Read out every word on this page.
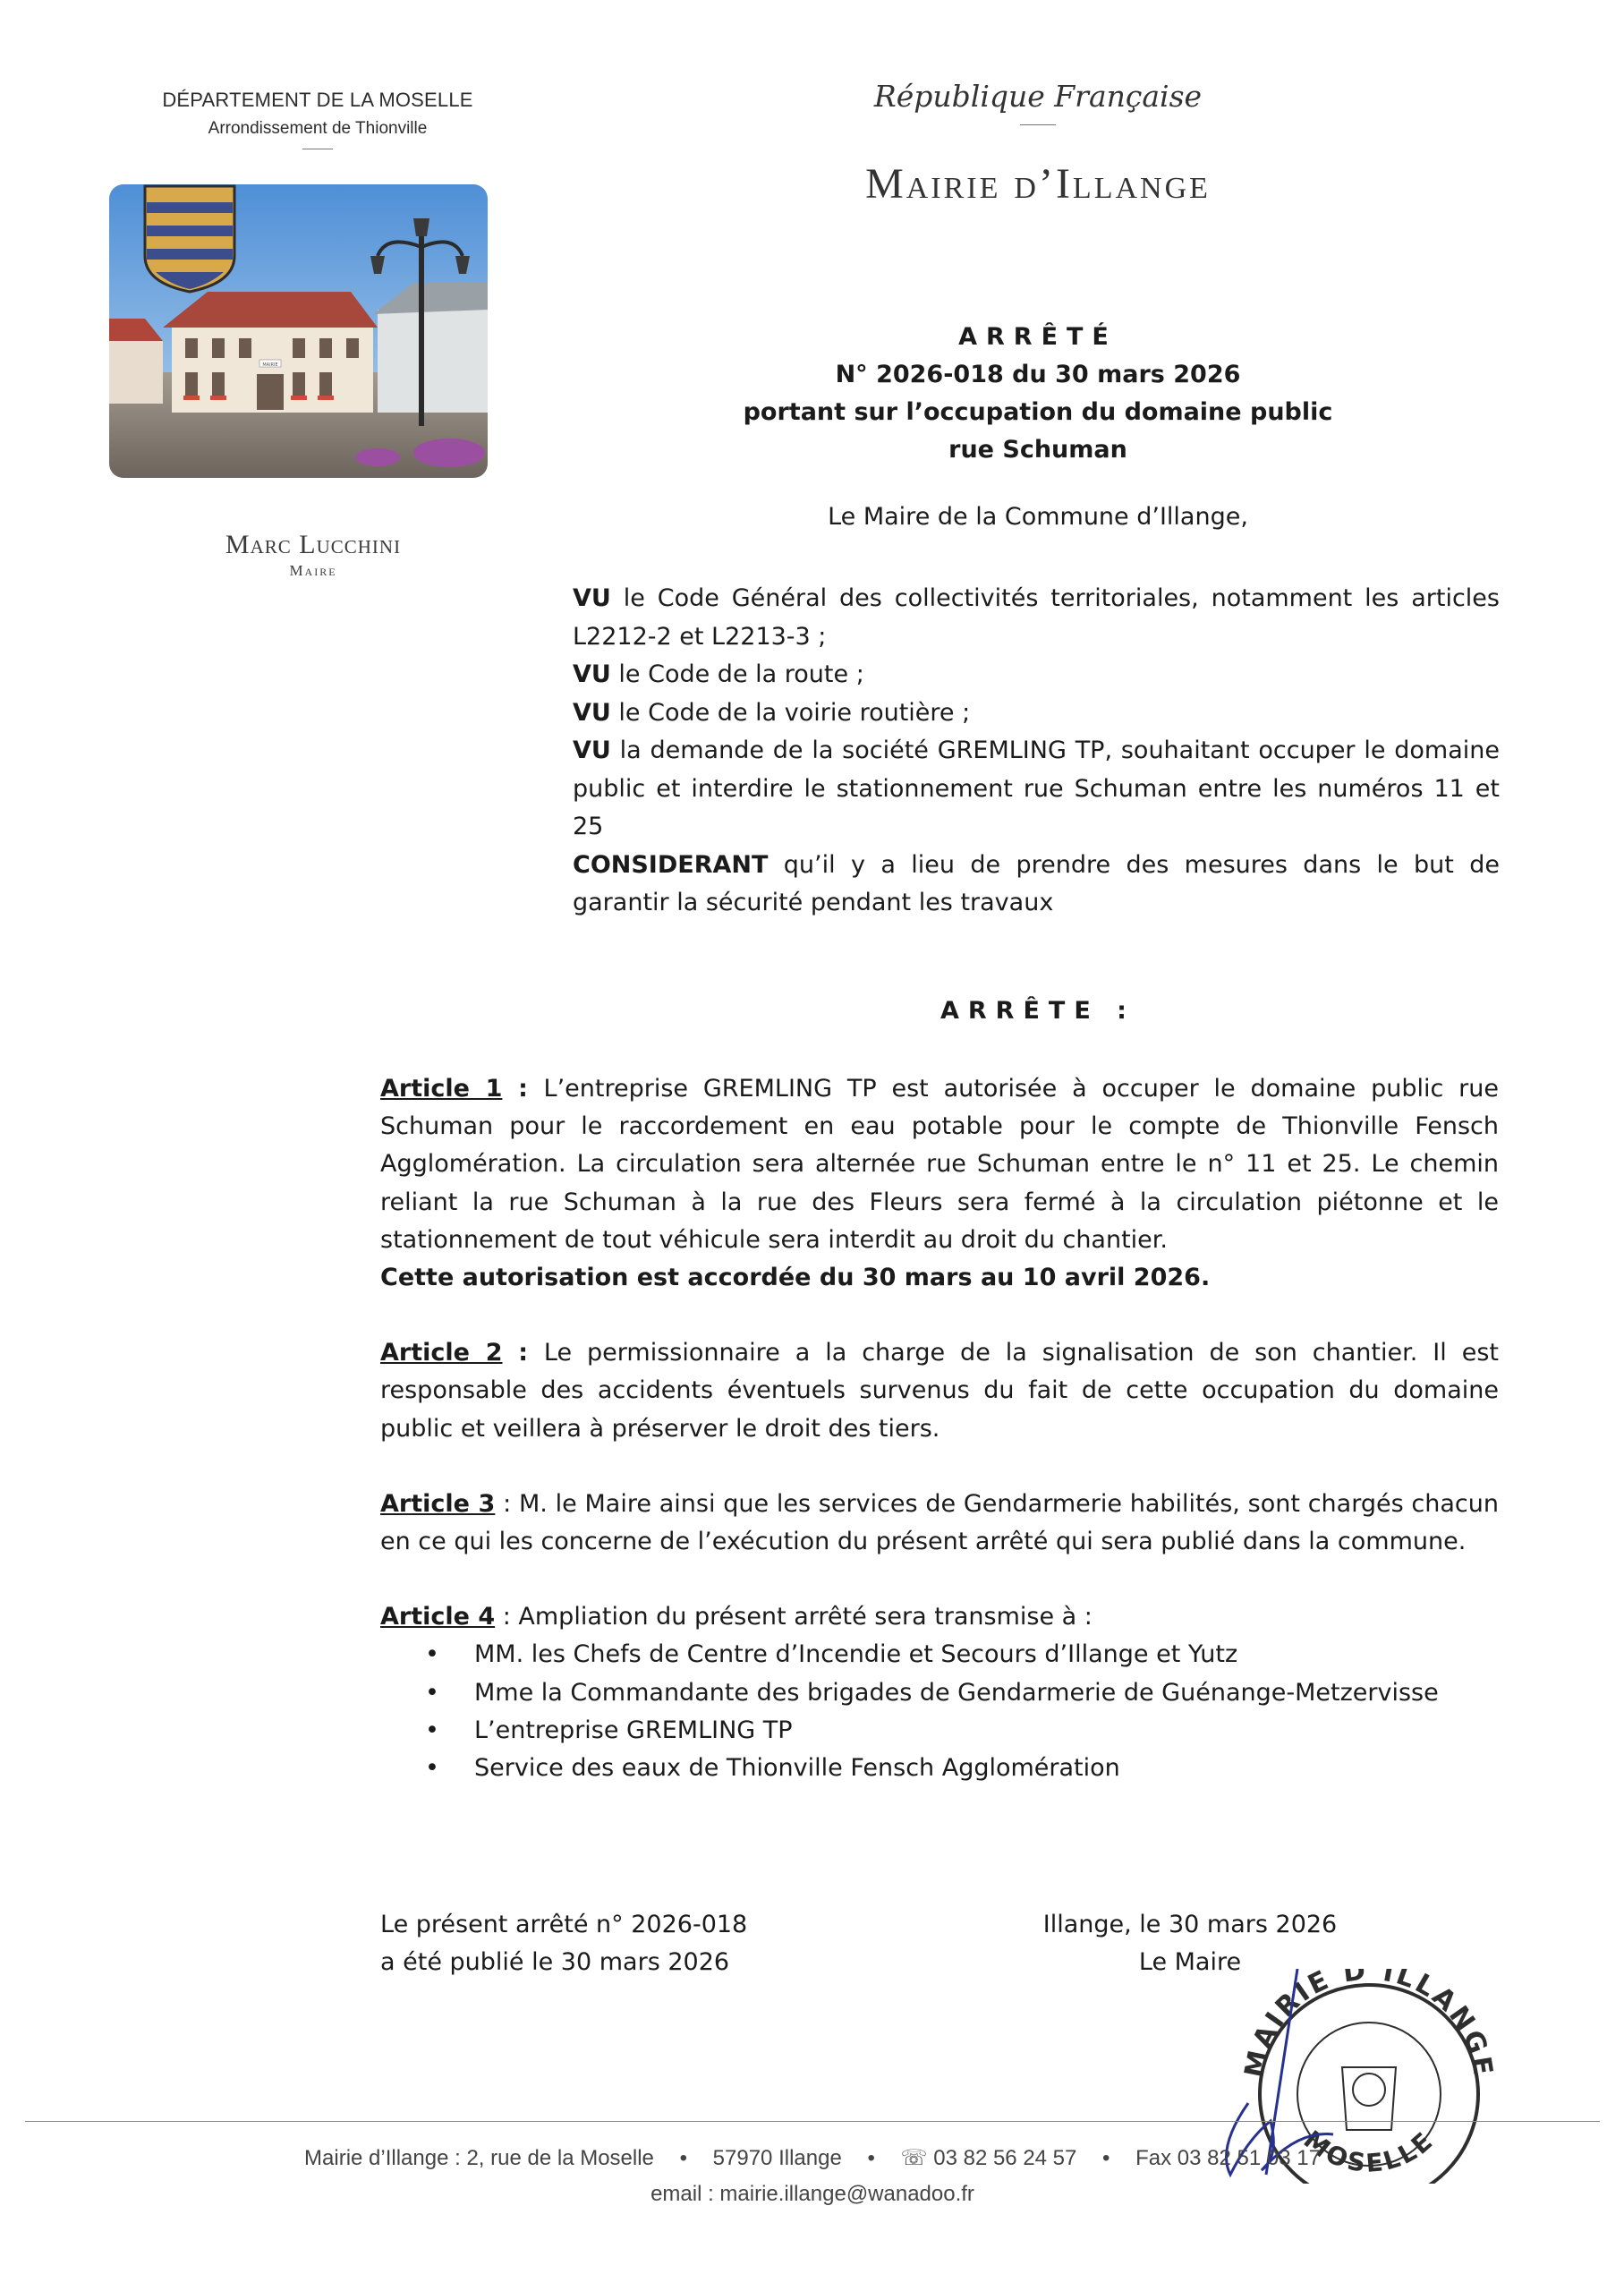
DÉPARTEMENT DE LA MOSELLE
Arrondissement de Thionville
MAIRIE
Marc Lucchini
Maire
République Française
Mairie d’Illange
ARRÊTÉ
N° 2026-018 du 30 mars 2026
portant sur l’occupation du domaine public
rue Schuman
Le Maire de la Commune d’Illange,

VU le Code Général des collectivités territoriales, notamment les articles L2212-2 et L2213-3 ;

VU le Code de la route ;

VU le Code de la voirie routière ;

VU la demande de la société GREMLING TP, souhaitant occuper le domaine public et interdire le stationnement rue Schuman entre les numéros 11 et 25

CONSIDERANT qu’il y a lieu de prendre des mesures dans le but de garantir la sécurité pendant les travaux

ARRÊTE :

Article 1 : L’entreprise GREMLING TP est autorisée à occuper le domaine public rue Schuman pour le raccordement en eau potable pour le compte de Thionville Fensch Agglomération. La circulation sera alternée rue Schuman entre le n° 11 et 25. Le chemin reliant la rue Schuman à la rue des Fleurs sera fermé à la circulation piétonne et le stationnement de tout véhicule sera interdit au droit du chantier.

Cette autorisation est accordée du 30 mars au 10 avril 2026.

Article 2 : Le permissionnaire a la charge de la signalisation de son chantier. Il est responsable des accidents éventuels survenus du fait de cette occupation du domaine public et veillera à préserver le droit des tiers.

Article 3 : M. le Maire ainsi que les services de Gendarmerie habilités, sont chargés chacun en ce qui les concerne de l’exécution du présent arrêté qui sera publié dans la commune.

Article 4 : Ampliation du présent arrêté sera transmise à :

• MM. les Chefs de Centre d’Incendie et Secours d’Illange et Yutz
• Mme la Commandante des brigades de Gendarmerie de Guénange-Metzervisse
• L’entreprise GREMLING TP
• Service des eaux de Thionville Fensch Agglomération
Le présent arrêté n° 2026-018
a été publié le 30 mars 2026
Illange, le 30 mars 2026
Le Maire
MAIRIE D’ILLANGE
MOSELLE
Mairie d’Illange : 2, rue de la Moselle • 57970 Illange • ☏ 03 82 56 24 57 • Fax 03 82 51 03 17
email : mairie.illange@wanadoo.fr
